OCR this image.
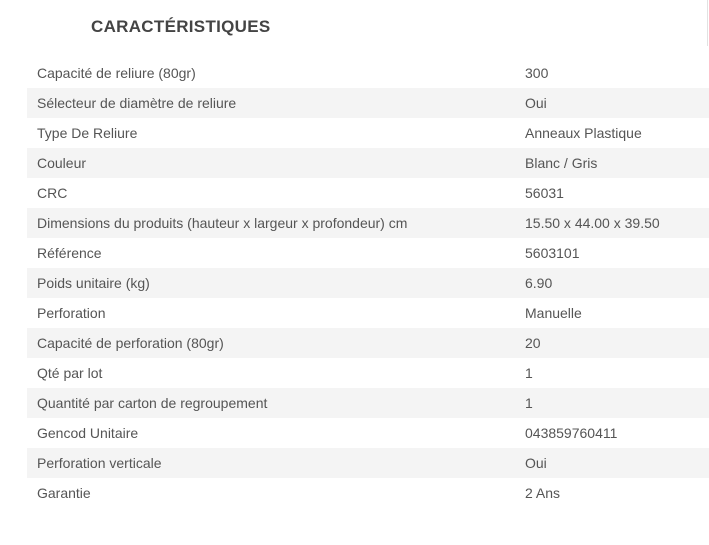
CARACTÉRISTIQUES
Capacité de reliure (80gr)	300
Sélecteur de diamètre de reliure	Oui
Type De Reliure	Anneaux Plastique
Couleur	Blanc / Gris
CRC	56031
Dimensions du produits (hauteur x largeur x profondeur) cm	15.50 x 44.00 x 39.50
Référence	5603101
Poids unitaire (kg)	6.90
Perforation	Manuelle
Capacité de perforation (80gr)	20
Qté par lot	1
Quantité par carton de regroupement	1
Gencod Unitaire	043859760411
Perforation verticale	Oui
Garantie	2 Ans
